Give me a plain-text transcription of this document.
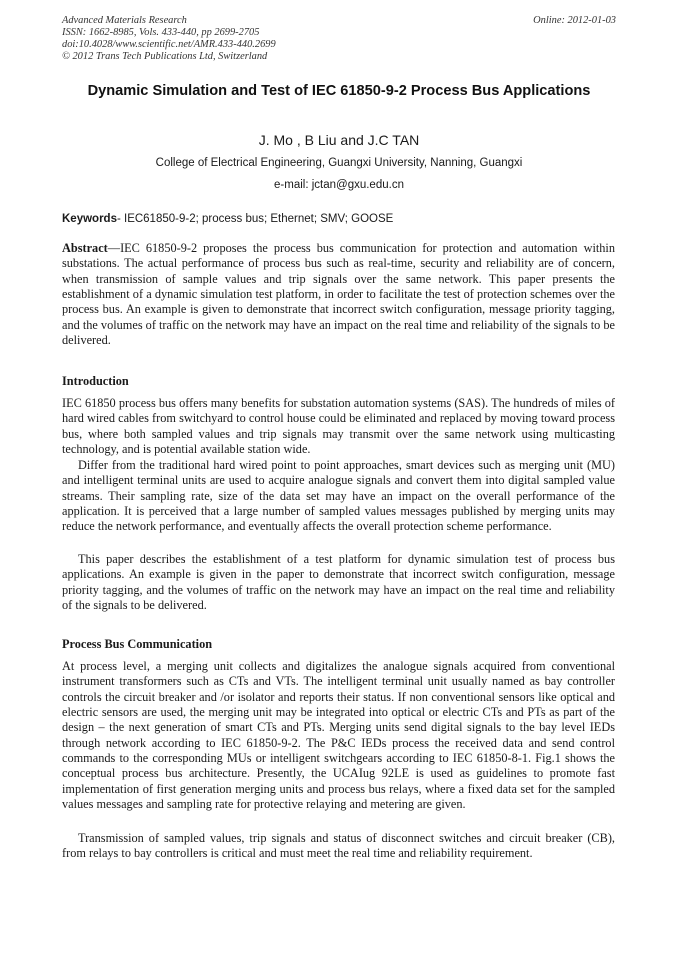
Advanced Materials Research
ISSN: 1662-8985, Vols. 433-440, pp 2699-2705
doi:10.4028/www.scientific.net/AMR.433-440.2699
© 2012 Trans Tech Publications Ltd, Switzerland
Online: 2012-01-03
Dynamic Simulation and Test of IEC 61850-9-2 Process Bus Applications
J. Mo , B Liu and J.C TAN
College of Electrical Engineering, Guangxi University, Nanning, Guangxi
e-mail: jctan@gxu.edu.cn
Keywords- IEC61850-9-2; process bus; Ethernet; SMV; GOOSE

Abstract—IEC 61850-9-2 proposes the process bus communication for protection and automation within substations. The actual performance of process bus such as real-time, security and reliability are of concern, when transmission of sample values and trip signals over the same network. This paper presents the establishment of a dynamic simulation test platform, in order to facilitate the test of protection schemes over the process bus. An example is given to demonstrate that incorrect switch configuration, message priority tagging, and the volumes of traffic on the network may have an impact on the real time and reliability of the signals to be delivered.

Introduction

IEC 61850 process bus offers many benefits for substation automation systems (SAS). The hundreds of miles of hard wired cables from switchyard to control house could be eliminated and replaced by moving toward process bus, where both sampled values and trip signals may transmit over the same network using multicasting technology, and is potential available station wide.

Differ from the traditional hard wired point to point approaches, smart devices such as merging unit (MU) and intelligent terminal units are used to acquire analogue signals and convert them into digital sampled value streams. Their sampling rate, size of the data set may have an impact on the overall performance of the application. It is perceived that a large number of sampled values messages published by merging units may reduce the network performance, and eventually affects the overall protection scheme performance.

This paper describes the establishment of a test platform for dynamic simulation test of process bus applications. An example is given in the paper to demonstrate that incorrect switch configuration, message priority tagging, and the volumes of traffic on the network may have an impact on the real time and reliability of the signals to be delivered.

Process Bus Communication

At process level, a merging unit collects and digitalizes the analogue signals acquired from conventional instrument transformers such as CTs and VTs. The intelligent terminal unit usually named as bay controller controls the circuit breaker and /or isolator and reports their status. If non conventional sensors like optical and electric sensors are used, the merging unit may be integrated into optical or electric CTs and PTs as part of the design – the next generation of smart CTs and PTs. Merging units send digital signals to the bay level IEDs through network according to IEC 61850-9-2. The P&C IEDs process the received data and send control commands to the corresponding MUs or intelligent switchgears according to IEC 61850-8-1. Fig.1 shows the conceptual process bus architecture. Presently, the UCAIug 92LE is used as guidelines to promote fast implementation of first generation merging units and process bus relays, where a fixed data set for the sampled values messages and sampling rate for protective relaying and metering are given.

Transmission of sampled values, trip signals and status of disconnect switches and circuit breaker (CB), from relays to bay controllers is critical and must meet the real time and reliability requirement.
